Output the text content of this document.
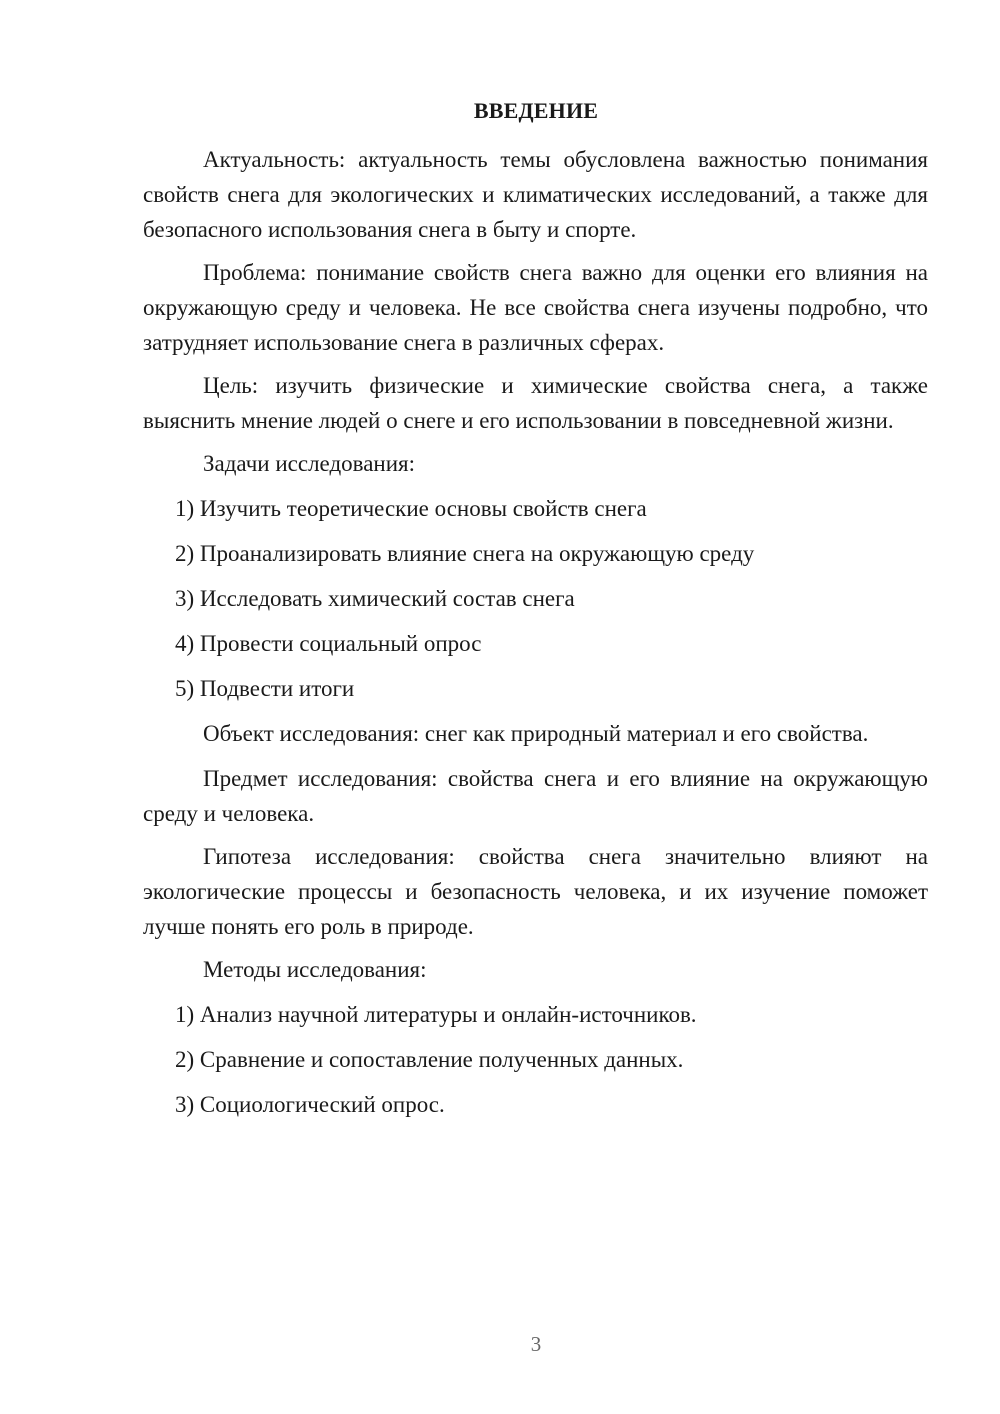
ВВЕДЕНИЕ

Актуальность: актуальность темы обусловлена важностью понимания свойств снега для экологических и климатических исследований, а также для безопасного использования снега в быту и спорте.

Проблема: понимание свойств снега важно для оценки его влияния на окружающую среду и человека. Не все свойства снега изучены подробно, что затрудняет использование снега в различных сферах.

Цель: изучить физические и химические свойства снега, а также выяснить мнение людей о снеге и его использовании в повседневной жизни.

Задачи исследования:

1) Изучить теоретические основы свойств снега

2) Проанализировать влияние снега на окружающую среду

3) Исследовать химический состав снега

4) Провести социальный опрос

5) Подвести итоги

Объект исследования: снег как природный материал и его свойства.

Предмет исследования: свойства снега и его влияние на окружающую среду и человека.

Гипотеза исследования: свойства снега значительно влияют на экологические процессы и безопасность человека, и их изучение поможет лучше понять его роль в природе.

Методы исследования:

1) Анализ научной литературы и онлайн-источников.

2) Сравнение и сопоставление полученных данных.

3) Социологический опрос.

3
